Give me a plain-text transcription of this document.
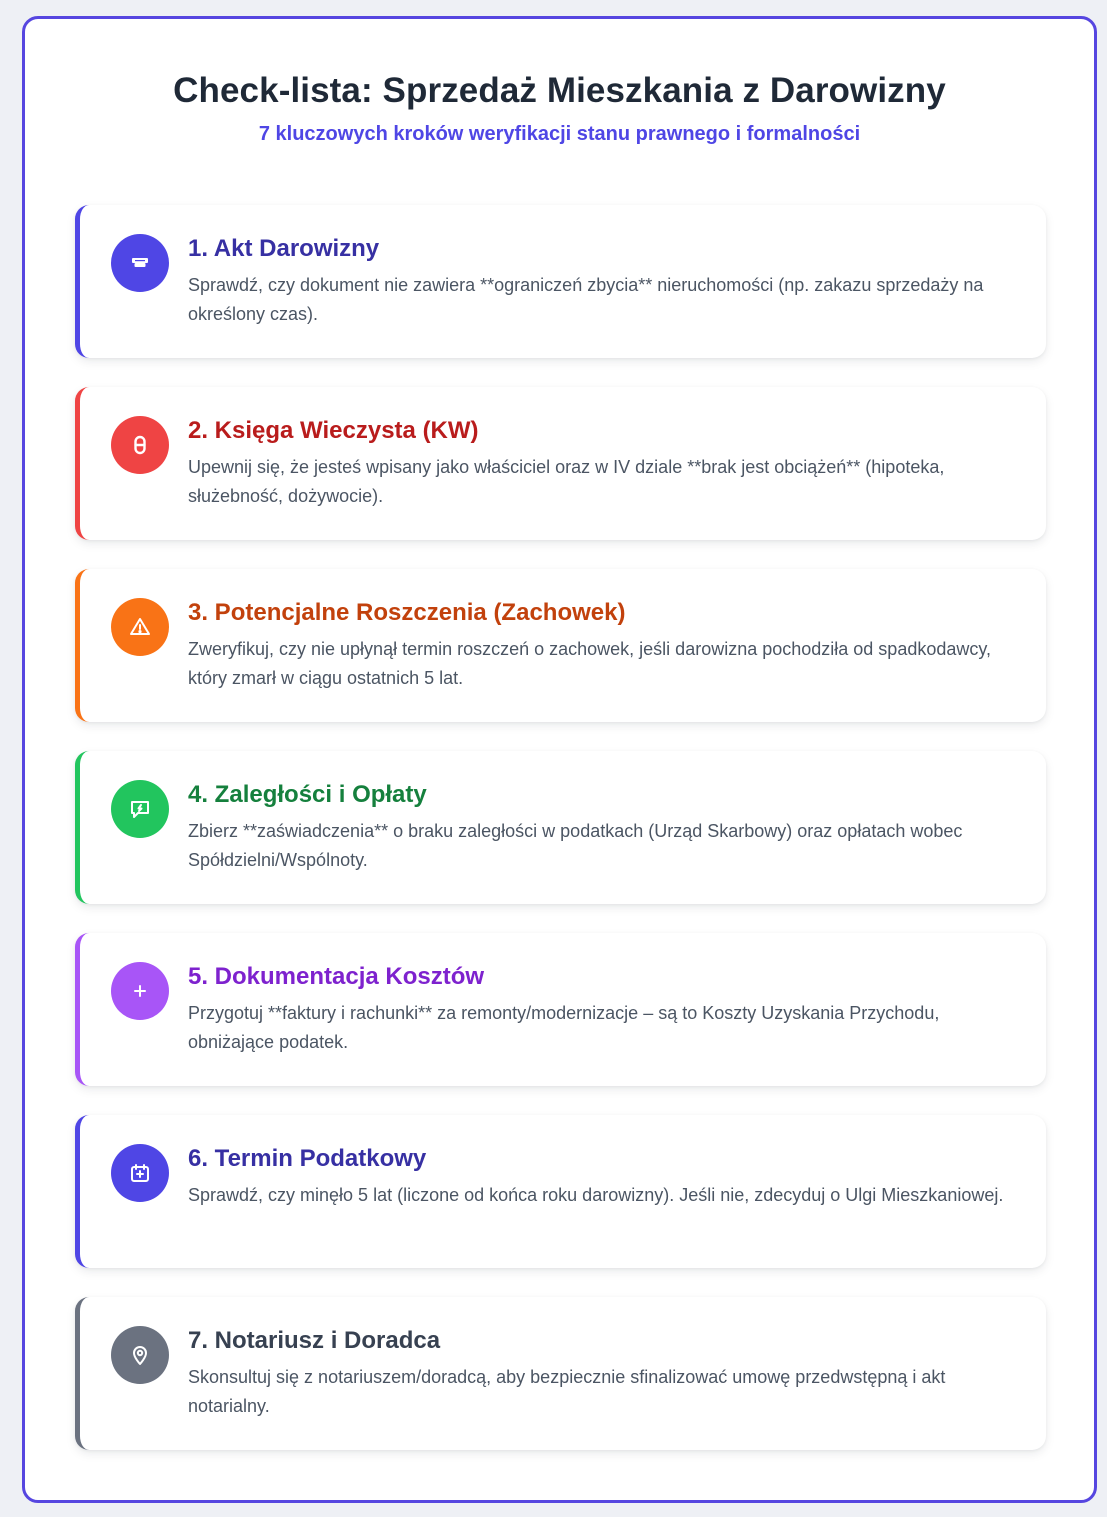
Check-lista: Sprzedaż Mieszkania z Darowizny
7 kluczowych kroków weryfikacji stanu prawnego i formalności
1. Akt Darowizny
Sprawdź, czy dokument nie zawiera **ograniczeń zbycia** nieruchomości (np. zakazu sprzedaży na określony czas).
2. Księga Wieczysta (KW)
Upewnij się, że jesteś wpisany jako właściciel oraz w IV dziale **brak jest obciążeń** (hipoteka, służebność, dożywocie).
3. Potencjalne Roszczenia (Zachowek)
Zweryfikuj, czy nie upłynął termin roszczeń o zachowek, jeśli darowizna pochodziła od spadkodawcy, który zmarł w ciągu ostatnich 5 lat.
4. Zaległości i Opłaty
Zbierz **zaświadczenia** o braku zaległości w podatkach (Urząd Skarbowy) oraz opłatach wobec Spółdzielni/Wspólnoty.
5. Dokumentacja Kosztów
Przygotuj **faktury i rachunki** za remonty/modernizacje – są to Koszty Uzyskania Przychodu, obniżające podatek.
6. Termin Podatkowy
Sprawdź, czy minęło 5 lat (liczone od końca roku darowizny). Jeśli nie, zdecyduj o Ulgi Mieszkaniowej.
7. Notariusz i Doradca
Skonsultuj się z notariuszem/doradcą, aby bezpiecznie sfinalizować umowę przedwstępną i akt notarialny.
